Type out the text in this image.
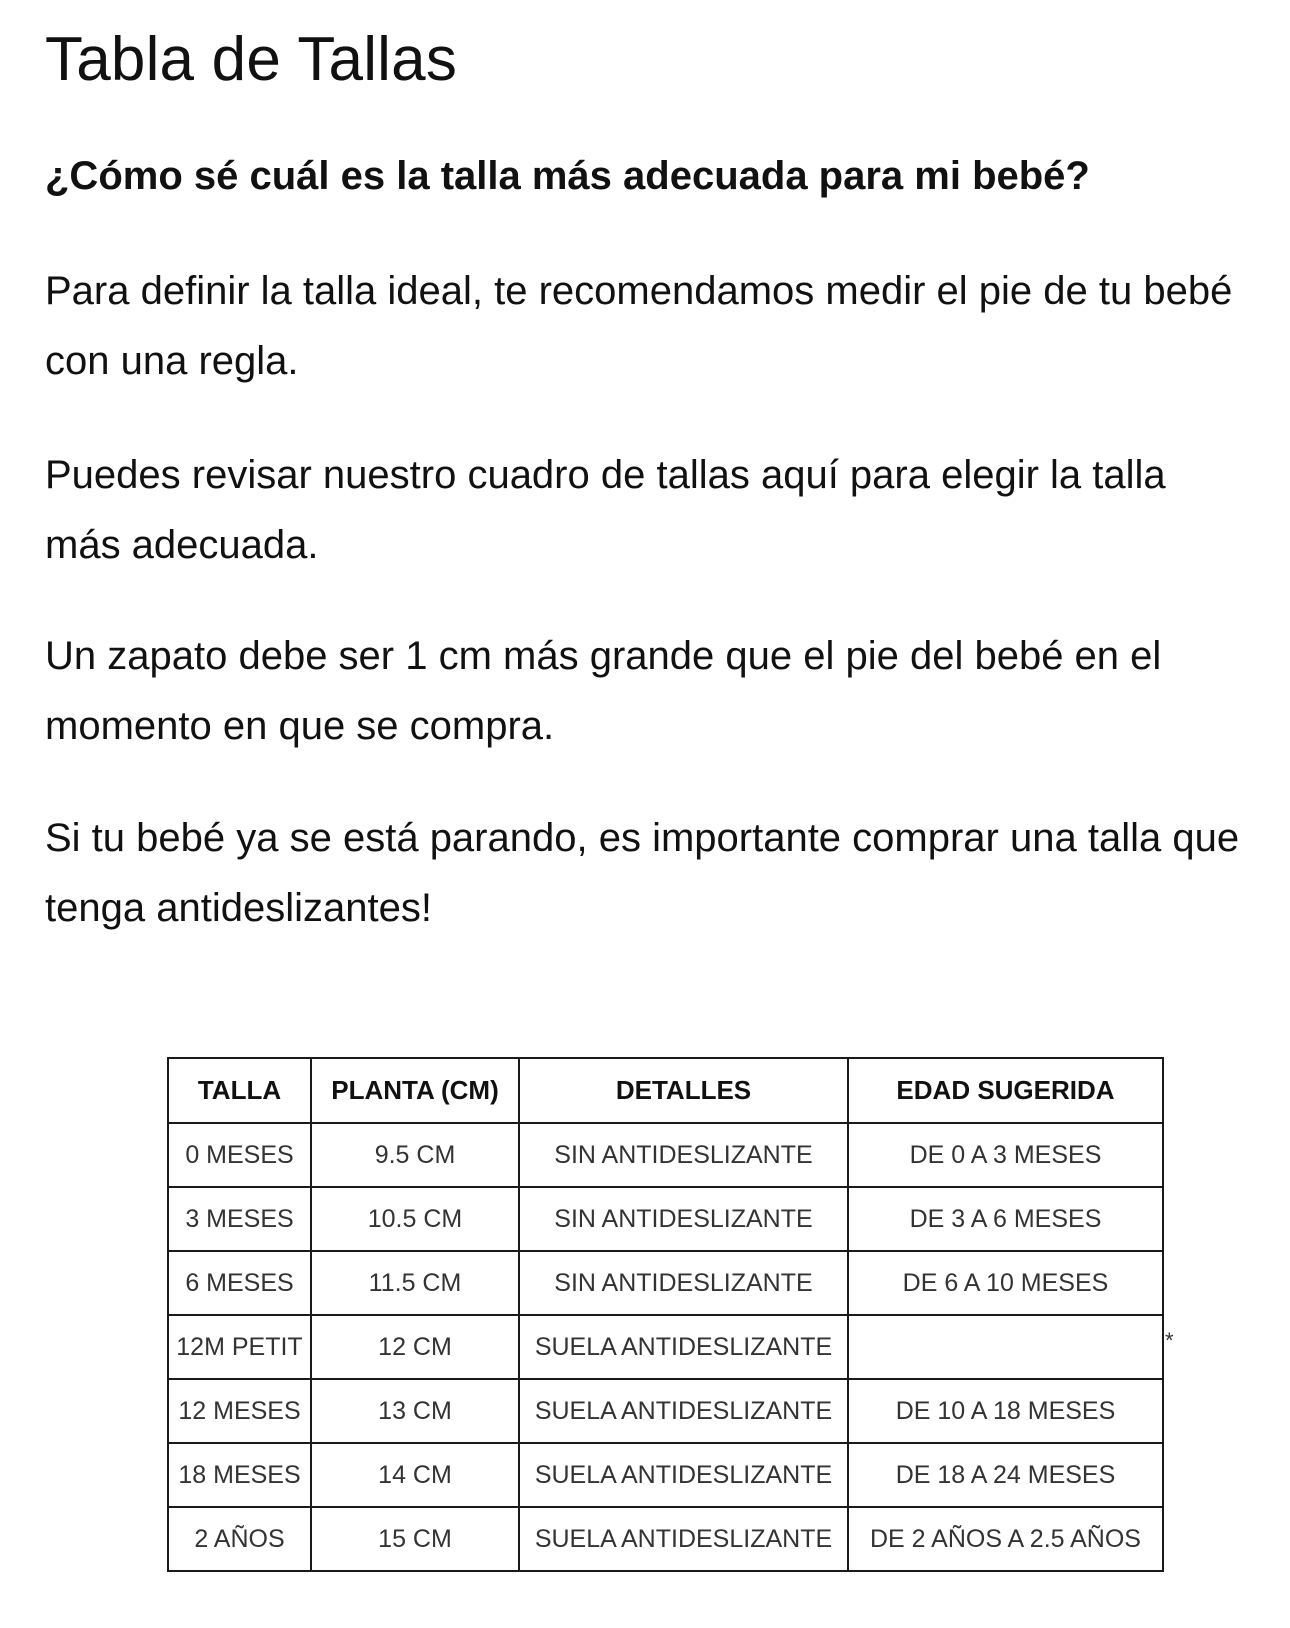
Tabla de Tallas
¿Cómo sé cuál es la talla más adecuada para mi bebé?

Para definir la talla ideal, te recomendamos medir el pie de tu bebé con una regla.

Puedes revisar nuestro cuadro de tallas aquí para elegir la talla más adecuada.

Un zapato debe ser 1 cm más grande que el pie del bebé en el momento en que se compra.

Si tu bebé ya se está parando, es importante comprar una talla que tenga antideslizantes!

TALLA	PLANTA (CM)	DETALLES	EDAD SUGERIDA
0 MESES	9.5 CM	SIN ANTIDESLIZANTE	DE 0 A 3 MESES
3 MESES	10.5 CM	SIN ANTIDESLIZANTE	DE 3 A 6 MESES
6 MESES	11.5 CM	SIN ANTIDESLIZANTE	DE 6 A 10 MESES
12M PETIT	12 CM	SUELA ANTIDESLIZANTE	
12 MESES	13 CM	SUELA ANTIDESLIZANTE	DE 10 A 18 MESES
18 MESES	14 CM	SUELA ANTIDESLIZANTE	DE 18 A 24 MESES
2 AÑOS	15 CM	SUELA ANTIDESLIZANTE	DE 2 AÑOS A 2.5 AÑOS
*
